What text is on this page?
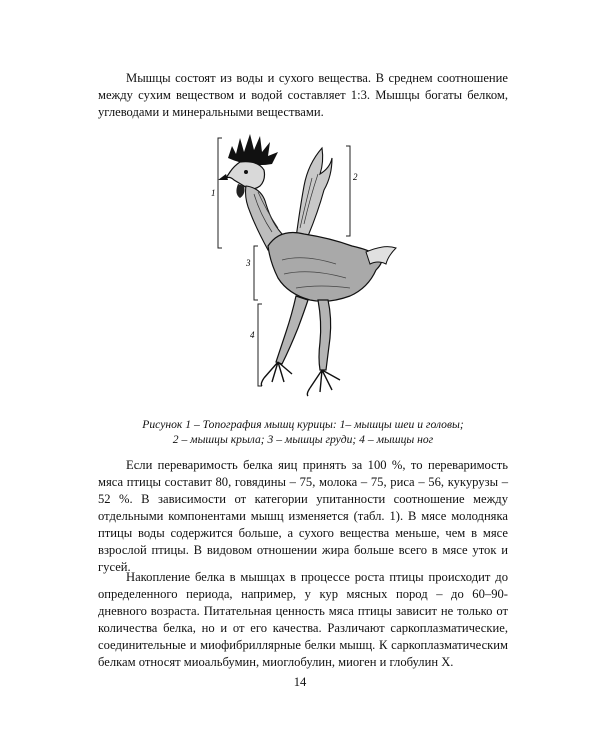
Мышцы состоят из воды и сухого вещества. В среднем соотношение между сухим веществом и водой составляет 1:3. Мышцы богаты белком, углеводами и минеральными веществами.

1
2
3
4

Рисунок 1 – Топография мышц курицы: 1– мышцы шеи и головы;
2 – мышцы крыла; 3 – мышцы груди; 4 – мышцы ног

Если переваримость белка яиц принять за 100 %, то переваримость мяса птицы составит 80, говядины – 75, молока – 75, риса – 56, кукурузы – 52 %. В зависимости от категории упитанности соотношение между отдельными компонентами мышц изменяется (табл. 1). В мясе молодняка птицы воды содержится больше, а сухого вещества меньше, чем в мясе взрослой птицы. В видовом отношении жира больше всего в мясе уток и гусей.

Накопление белка в мышцах в процессе роста птицы происходит до определенного периода, например, у кур мясных пород – до 60–90-дневного возраста. Питательная ценность мяса птицы зависит не только от количества белка, но и от его качества. Различают саркоплазматические, соединительные и миофибриллярные белки мышц. К саркоплазматическим белкам относят миоальбумин, миоглобулин, миоген и глобулин Х.

14
